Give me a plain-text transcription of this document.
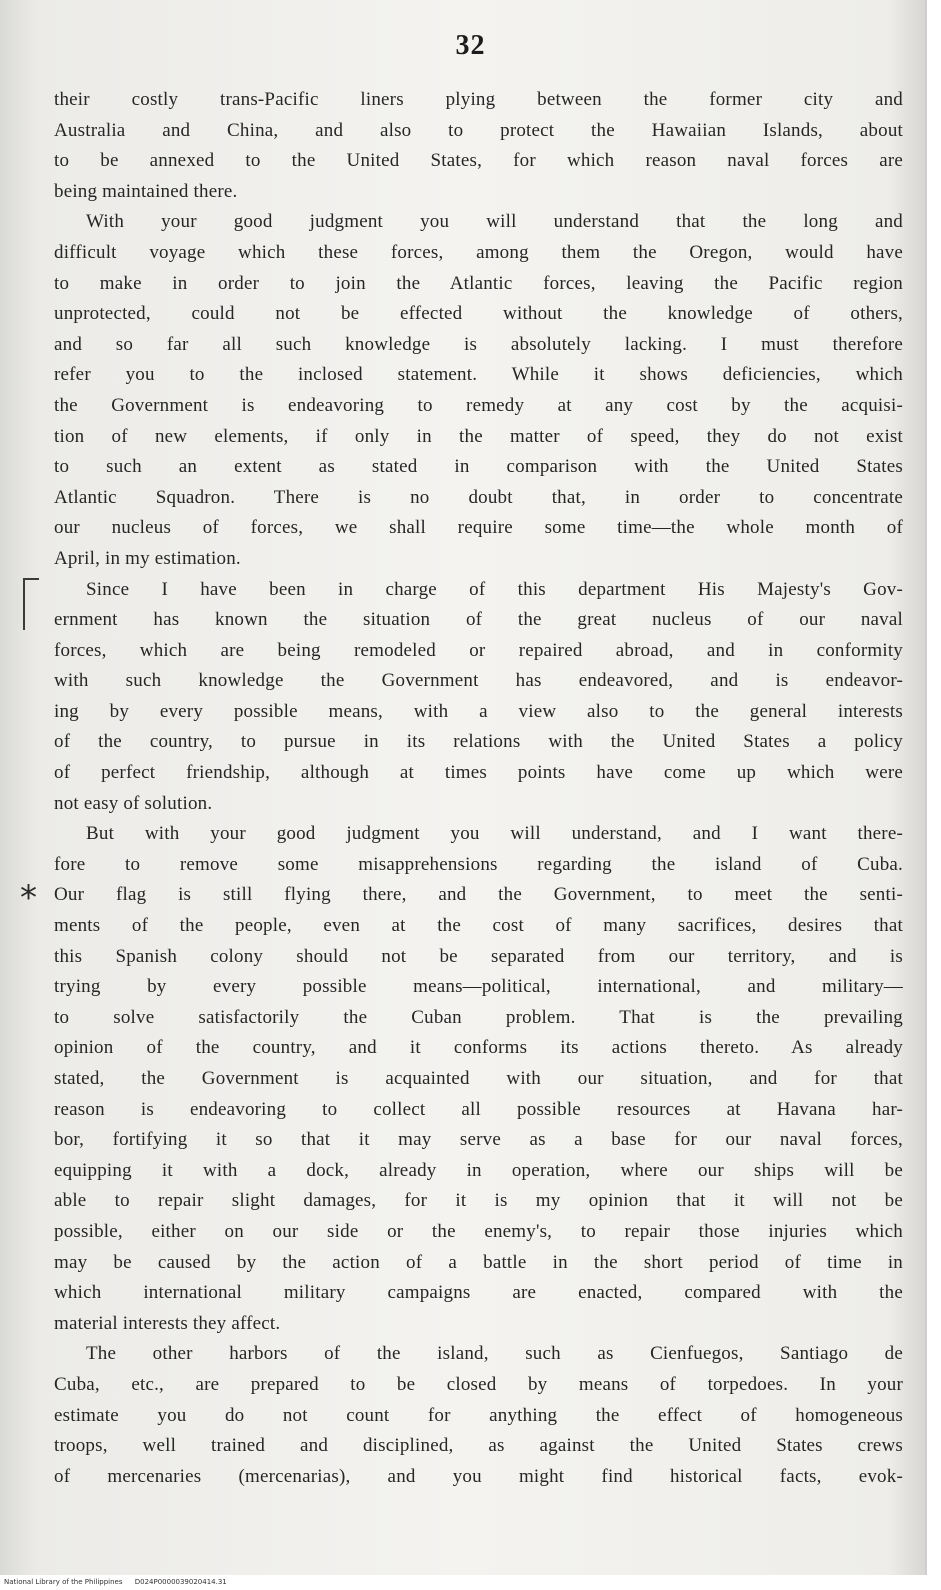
32
*
their costly trans-Pacific liners plying between the former city and
Australia and China, and also to protect the Hawaiian Islands, about
to be annexed to the United States, for which reason naval forces are
being maintained there.
With your good judgment you will understand that the long and
difficult voyage which these forces, among them the Oregon, would have
to make in order to join the Atlantic forces, leaving the Pacific region
unprotected, could not be effected without the knowledge of others,
and so far all such knowledge is absolutely lacking. I must therefore
refer you to the inclosed statement. While it shows deficiencies, which
the Government is endeavoring to remedy at any cost by the acquisi-
tion of new elements, if only in the matter of speed, they do not exist
to such an extent as stated in comparison with the United States
Atlantic Squadron. There is no doubt that, in order to concentrate
our nucleus of forces, we shall require some time—the whole month of
April, in my estimation.
Since I have been in charge of this department His Majesty's Gov-
ernment has known the situation of the great nucleus of our naval
forces, which are being remodeled or repaired abroad, and in conformity
with such knowledge the Government has endeavored, and is endeavor-
ing by every possible means, with a view also to the general interests
of the country, to pursue in its relations with the United States a policy
of perfect friendship, although at times points have come up which were
not easy of solution.
But with your good judgment you will understand, and I want there-
fore to remove some misapprehensions regarding the island of Cuba.
Our flag is still flying there, and the Government, to meet the senti-
ments of the people, even at the cost of many sacrifices, desires that
this Spanish colony should not be separated from our territory, and is
trying by every possible means—political, international, and military—
to solve satisfactorily the Cuban problem. That is the prevailing
opinion of the country, and it conforms its actions thereto. As already
stated, the Government is acquainted with our situation, and for that
reason is endeavoring to collect all possible resources at Havana har-
bor, fortifying it so that it may serve as a base for our naval forces,
equipping it with a dock, already in operation, where our ships will be
able to repair slight damages, for it is my opinion that it will not be
possible, either on our side or the enemy's, to repair those injuries which
may be caused by the action of a battle in the short period of time in
which international military campaigns are enacted, compared with the
material interests they affect.
The other harbors of the island, such as Cienfuegos, Santiago de
Cuba, etc., are prepared to be closed by means of torpedoes. In your
estimate you do not count for anything the effect of homogeneous
troops, well trained and disciplined, as against the United States crews
of mercenaries (mercenarias), and you might find historical facts, evok-
National Library of the Philippines D024P0000039020414.31
